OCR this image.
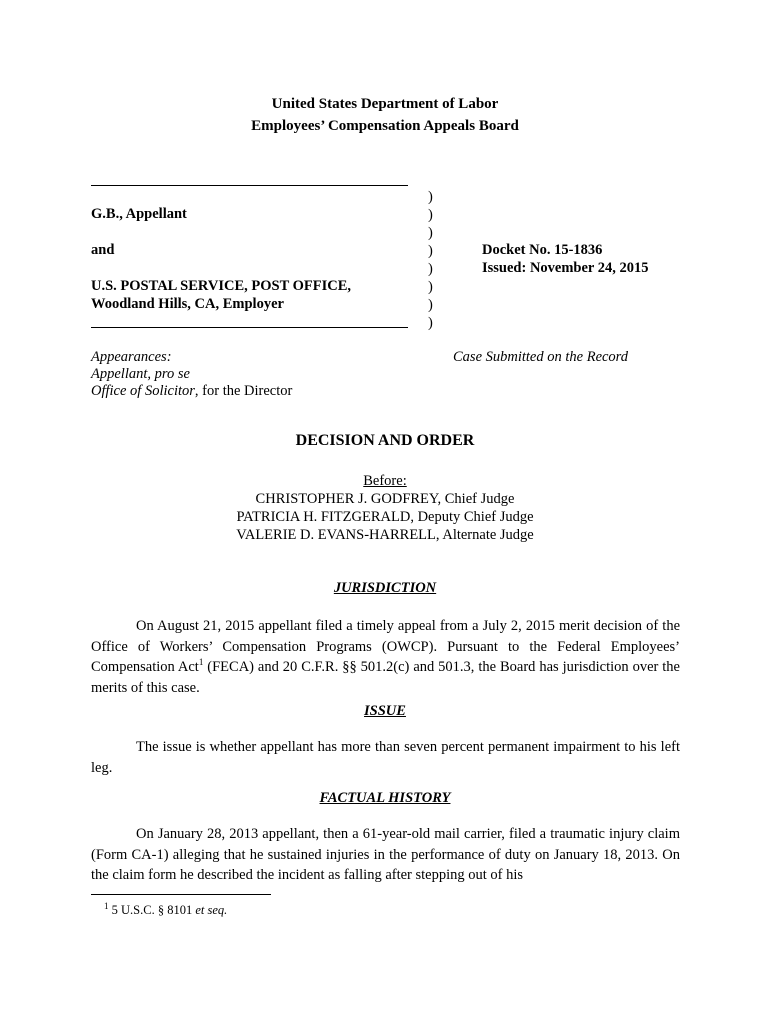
United States Department of Labor
Employees’ Compensation Appeals Board
G.B., Appellant
and
U.S. POSTAL SERVICE, POST OFFICE,
Woodland Hills, CA, Employer
)
)
)
)
)
)
)
)
Docket No. 15-1836
Issued: November 24, 2015
Appearances:
Appellant, pro se
Office of Solicitor, for the Director
Case Submitted on the Record
DECISION AND ORDER
Before:
CHRISTOPHER J. GODFREY, Chief Judge
PATRICIA H. FITZGERALD, Deputy Chief Judge
VALERIE D. EVANS-HARRELL, Alternate Judge
JURISDICTION
On August 21, 2015 appellant filed a timely appeal from a July 2, 2015 merit decision of the Office of Workers’ Compensation Programs (OWCP). Pursuant to the Federal Employees’ Compensation Act$^1$ (FECA) and 20 C.F.R. §§ 501.2(c) and 501.3, the Board has jurisdiction over the merits of this case.
ISSUE
The issue is whether appellant has more than seven percent permanent impairment to his left leg.
FACTUAL HISTORY
On January 28, 2013 appellant, then a 61-year-old mail carrier, filed a traumatic injury claim (Form CA-1) alleging that he sustained injuries in the performance of duty on January 18, 2013. On the claim form he described the incident as falling after stepping out of his
$^1$ 5 U.S.C. § 8101 et seq.
